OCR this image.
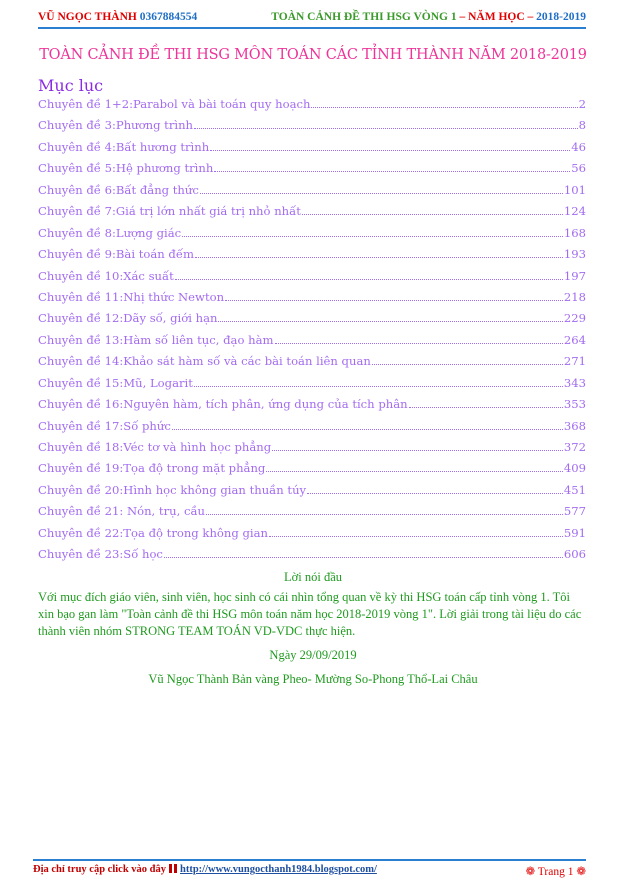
VŨ NGỌC THÀNH 0367884554	TOÀN CẢNH ĐỀ THI HSG VÒNG 1 – NĂM HỌC – 2018-2019
TOÀN CẢNH ĐỀ THI HSG MÔN TOÁN CÁC TỈNH THÀNH NĂM 2018-2019
Mục lục
Chuyên đề 1+2:Parabol và bài toán quy hoạch	2
Chuyên đề 3:Phương trình	8
Chuyên đề 4:Bất hương trình	46
Chuyên đề 5:Hệ phương trình	56
Chuyên đề 6:Bất đẳng thức	101
Chuyên đề 7:Giá trị lớn nhất giá trị nhỏ nhất	124
Chuyên đề 8:Lượng giác	168
Chuyên đề 9:Bài toán đếm	193
Chuyên đề 10:Xác suất	197
Chuyên đề 11:Nhị thức Newton	218
Chuyên đề 12:Dãy số, giới hạn	229
Chuyên đề 13:Hàm số liên tục, đạo hàm	264
Chuyên đề 14:Khảo sát hàm số và các bài toán liên quan	271
Chuyên đề 15:Mũ, Logarit	343
Chuyên đề 16:Nguyên hàm, tích phân, ứng dụng của tích phân	353
Chuyên đề 17:Số phức	368
Chuyên đề 18:Véc tơ và hình học phẳng	372
Chuyên đề 19:Tọa độ trong mặt phẳng	409
Chuyên đề 20:Hình học không gian thuần túy	451
Chuyên đề 21: Nón, trụ, cầu	577
Chuyên đề 22:Tọa độ trong không gian	591
Chuyên đề 23:Số học	606
Lời nói đầu
Với mục đích giáo viên, sinh viên, học sinh có cái nhìn tổng quan về kỳ thi HSG toán cấp tỉnh vòng 1. Tôi xin bạo gan làm "Toàn cảnh đề thi HSG môn toán năm học 2018-2019 vòng 1". Lời giải trong tài liệu do các thành viên nhóm STRONG TEAM TOÁN VD-VDC thực hiện.
Ngày 29/09/2019
Vũ Ngọc Thành Bản vàng Pheo- Mường So-Phong Thổ-Lai Châu
Địa chỉ truy cập click vào đây http://www.vungocthanh1984.blogspot.com/	❁ Trang 1 ❁
